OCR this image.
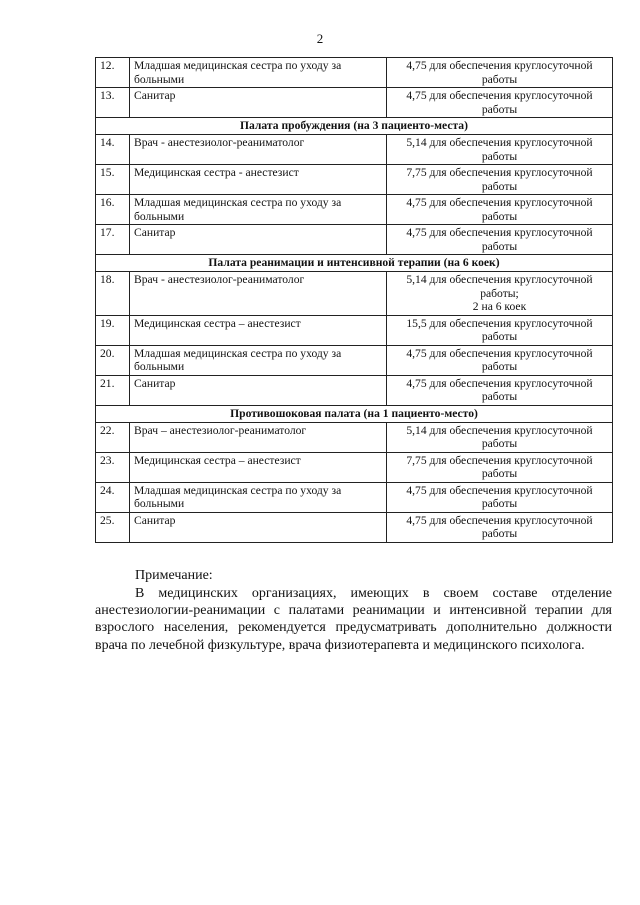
2
12.	Младшая медицинская сестра по уходу за больными	4,75 для обеспечения круглосуточной
работы

13.	Санитар	4,75 для обеспечения круглосуточной
работы

Палата пробуждения (на 3 пациенто-места)		
14.	Врач - анестезиолог-реаниматолог	5,14 для обеспечения круглосуточной
работы

15.	Медицинская сестра - анестезист	7,75 для обеспечения круглосуточной
работы

16.	Младшая медицинская сестра по уходу за больными	4,75 для обеспечения круглосуточной
работы

17.	Санитар	4,75 для обеспечения круглосуточной
работы

Палата реанимации и интенсивной терапии (на 6 коек)		
18.	Врач - анестезиолог-реаниматолог	5,14 для обеспечения круглосуточной
работы;
2 на 6 коек

19.	Медицинская сестра – анестезист	15,5 для обеспечения круглосуточной
работы

20.	Младшая медицинская сестра по уходу за больными	4,75 для обеспечения круглосуточной
работы

21.	Санитар	4,75 для обеспечения круглосуточной
работы

Противошоковая палата (на 1 пациенто-место)		
22.	Врач – анестезиолог-реаниматолог	5,14 для обеспечения круглосуточной
работы

23.	Медицинская сестра – анестезист	7,75 для обеспечения круглосуточной
работы

24.	Младшая медицинская сестра по уходу за больными	4,75 для обеспечения круглосуточной
работы

25.	Санитар	4,75 для обеспечения круглосуточной
работы
Примечание:
В медицинских организациях, имеющих в своем составе отделение анестезиологии-реанимации с палатами реанимации и интенсивной терапии для взрослого населения, рекомендуется предусматривать дополнительно должности врача по лечебной физкультуре, врача физиотерапевта и медицинского психолога.
